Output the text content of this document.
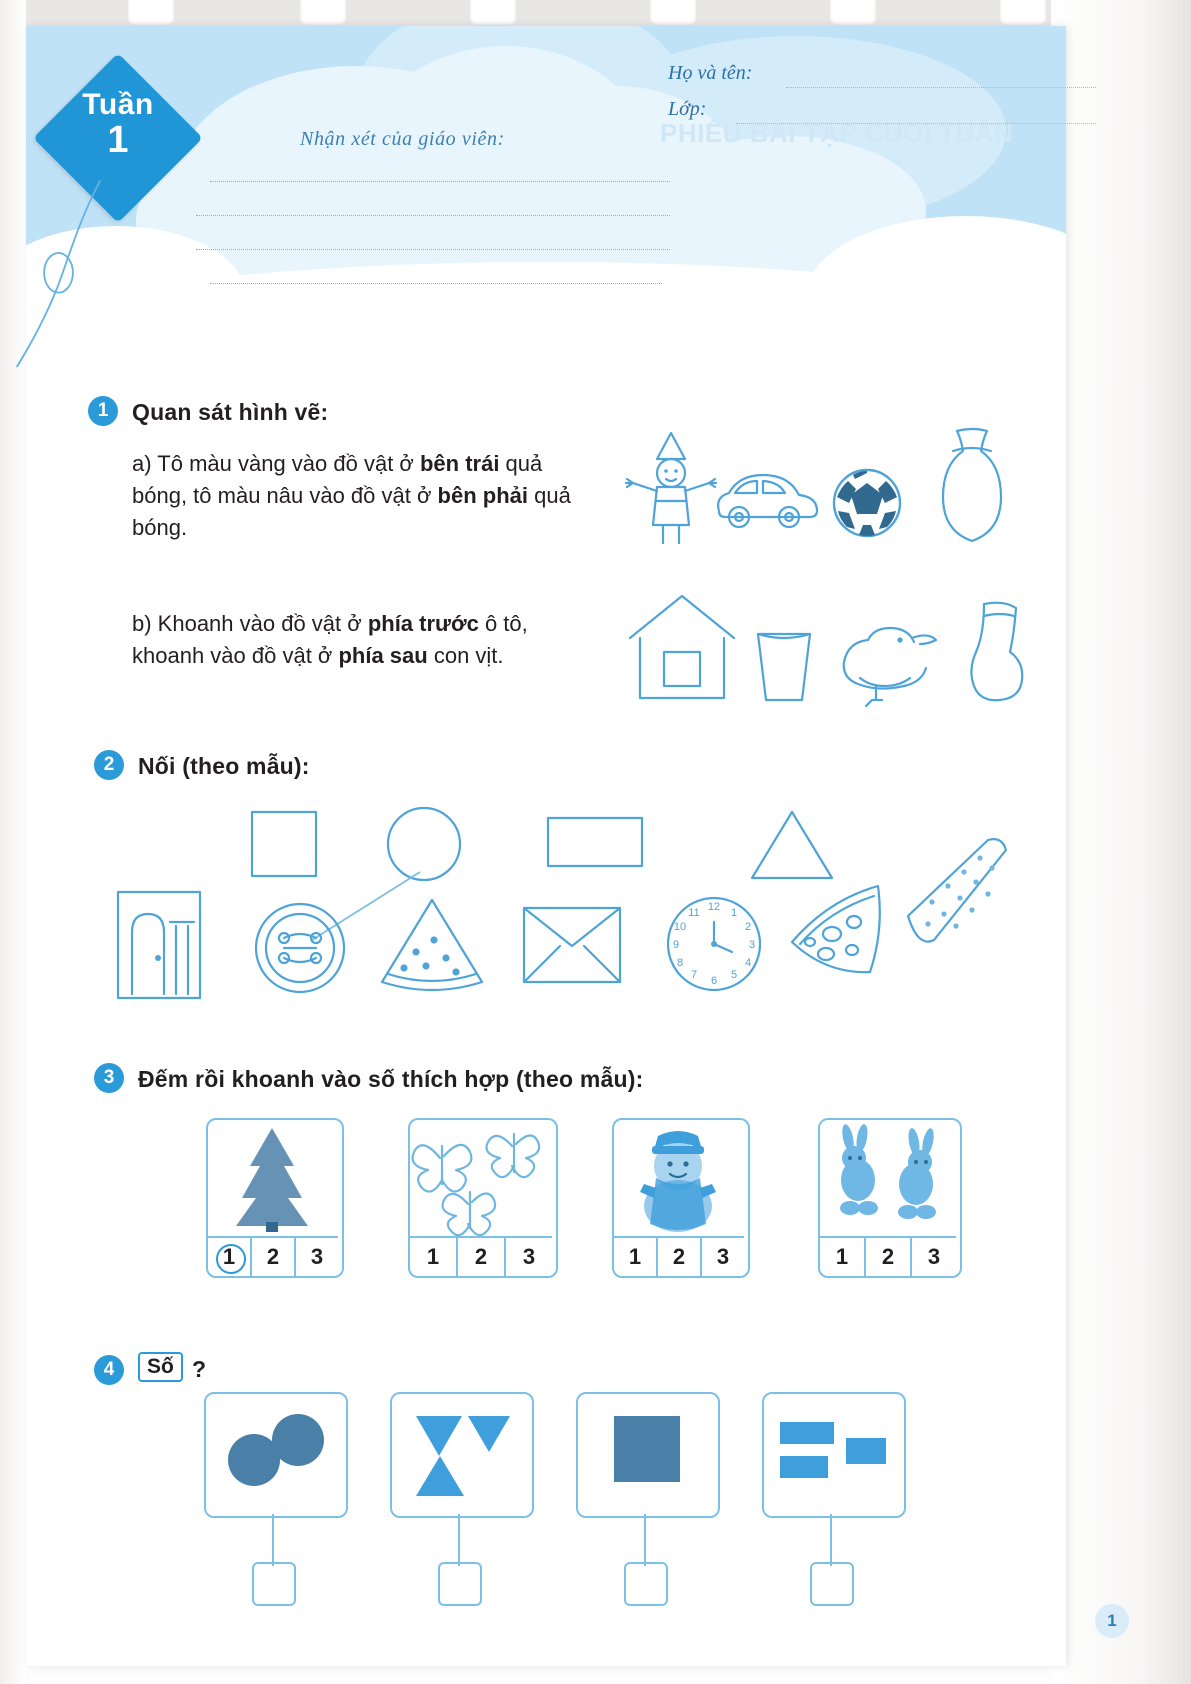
PHIẾU BÀI TẬP CUỐI TUẦN
Tuần
1	Nhận xét của giáo viên:
Họ và tên:
Lớp:
1	Quan sát hình vẽ:
a) Tô màu vàng vào đồ vật ở bên trái quả bóng, tô màu nâu vào đồ vật ở bên phải quả bóng.
b) Khoanh vào đồ vật ở phía trước ô tô, khoanh vào đồ vật ở phía sau con vịt.
2	Nối (theo mẫu):
12 1
2
3
4
5
6
7
8
9
10
11
3	Đếm rồi khoanh vào số thích hợp (theo mẫu):
1	2	3	1	2	3	1	2	3	1	2	3
4	Số ?
1
